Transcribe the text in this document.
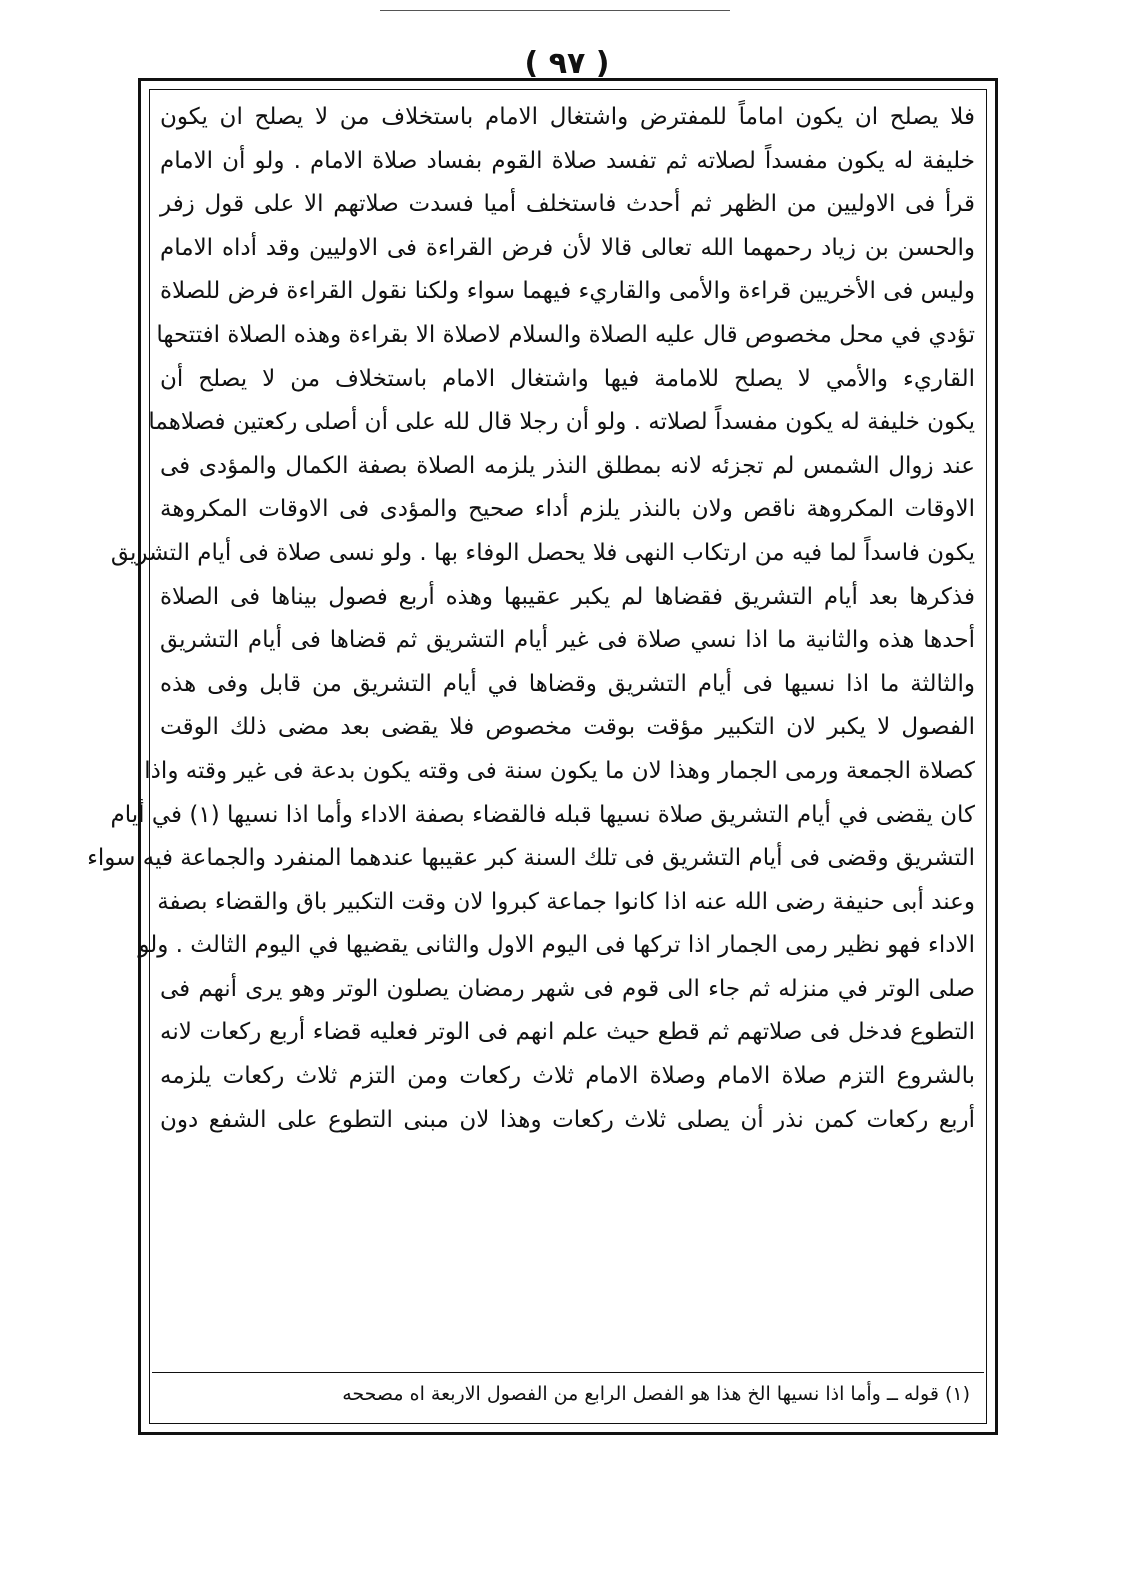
( ٩٧ )
فلا يصلح ان يكون اماماً للمفترض واشتغال الامام باستخلاف من لا يصلح ان يكون
خليفة له يكون مفسداً لصلاته ثم تفسد صلاة القوم بفساد صلاة الامام . ولو أن الامام
قرأ فى الاوليين من الظهر ثم أحدث فاستخلف أميا فسدت صلاتهم الا على قول زفر
والحسن بن زياد رحمهما الله تعالى قالا لأن فرض القراءة فى الاوليين وقد أداه الامام
وليس فى الأخريين قراءة والأمى والقاريء فيهما سواء ولكنا نقول القراءة فرض للصلاة
تؤدي في محل مخصوص قال عليه الصلاة والسلام لاصلاة الا بقراءة وهذه الصلاة افتتحها
القاريء والأمي لا يصلح للامامة فيها واشتغال الامام باستخلاف من لا يصلح أن
يكون خليفة له يكون مفسداً لصلاته . ولو أن رجلا قال لله على أن أصلى ركعتين فصلاهما
عند زوال الشمس لم تجزئه لانه بمطلق النذر يلزمه الصلاة بصفة الكمال والمؤدى فى
الاوقات المكروهة ناقص ولان بالنذر يلزم أداء صحيح والمؤدى فى الاوقات المكروهة
يكون فاسداً لما فيه من ارتكاب النهى فلا يحصل الوفاء بها . ولو نسى صلاة فى أيام التشريق
فذكرها بعد أيام التشريق فقضاها لم يكبر عقيبها وهذه أربع فصول بيناها فى الصلاة
أحدها هذه والثانية ما اذا نسي صلاة فى غير أيام التشريق ثم قضاها فى أيام التشريق
والثالثة ما اذا نسيها فى أيام التشريق وقضاها في أيام التشريق من قابل وفى هذه
الفصول لا يكبر لان التكبير مؤقت بوقت مخصوص فلا يقضى بعد مضى ذلك الوقت
كصلاة الجمعة ورمى الجمار وهذا لان ما يكون سنة فى وقته يكون بدعة فى غير وقته واذا
كان يقضى في أيام التشريق صلاة نسيها قبله فالقضاء بصفة الاداء وأما اذا نسيها (١) في أيام
التشريق وقضى فى أيام التشريق فى تلك السنة كبر عقيبها عندهما المنفرد والجماعة فيه سواء
وعند أبى حنيفة رضى الله عنه اذا كانوا جماعة كبروا لان وقت التكبير باق والقضاء بصفة
الاداء فهو نظير رمى الجمار اذا تركها فى اليوم الاول والثانى يقضيها في اليوم الثالث . ولو
صلى الوتر في منزله ثم جاء الى قوم فى شهر رمضان يصلون الوتر وهو يرى أنهم فى
التطوع فدخل فى صلاتهم ثم قطع حيث علم انهم فى الوتر فعليه قضاء أربع ركعات لانه
بالشروع التزم صلاة الامام وصلاة الامام ثلاث ركعات ومن التزم ثلاث ركعات يلزمه
أربع ركعات كمن نذر أن يصلى ثلاث ركعات وهذا لان مبنى التطوع على الشفع دون
(١) قوله ــ وأما اذا نسيها الخ هذا هو الفصل الرابع من الفصول الاربعة اه مصححه
